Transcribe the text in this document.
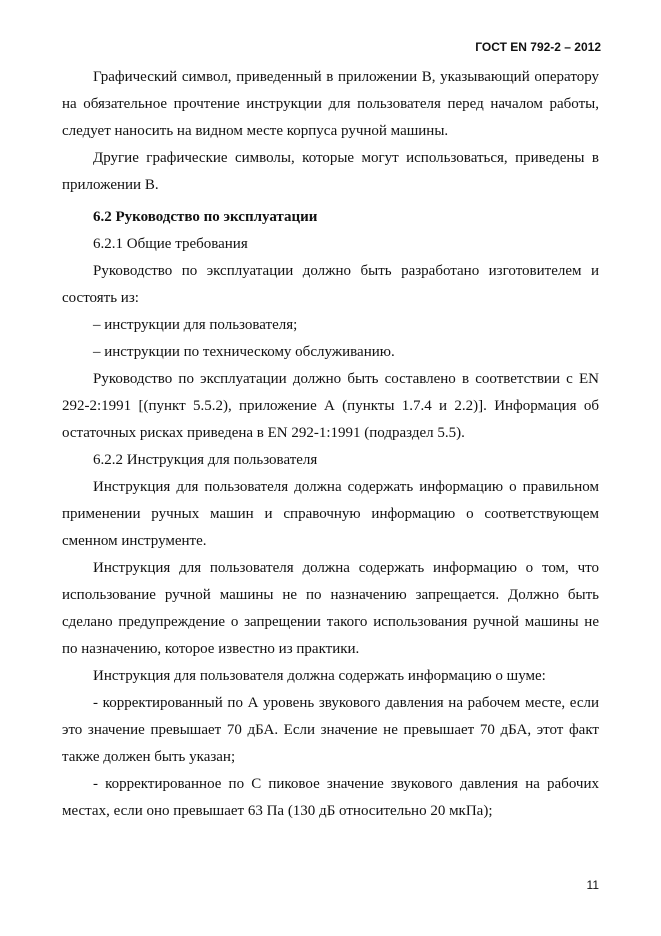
ГОСТ EN 792-2 – 2012

Графический символ, приведенный в приложении В, указывающий оператору на обязательное прочтение инструкции для пользователя перед началом работы, следует наносить на видном месте корпуса ручной машины.

Другие графические символы, которые могут использоваться, приведены в приложении В.

6.2 Руководство по эксплуатации

6.2.1 Общие требования

Руководство по эксплуатации должно быть разработано изготовителем и состоять из:

– инструкции для пользователя;

– инструкции по техническому обслуживанию.

Руководство по эксплуатации должно быть составлено в соответствии с EN 292-2:1991 [(пункт 5.5.2), приложение А (пункты 1.7.4 и 2.2)]. Информация об остаточных рисках приведена в EN 292-1:1991 (подраздел 5.5).

6.2.2 Инструкция для пользователя

Инструкция для пользователя должна содержать информацию о правильном применении ручных машин и справочную информацию о соответствующем сменном инструменте.

Инструкция для пользователя должна содержать информацию о том, что использование ручной машины не по назначению запрещается. Должно быть сделано предупреждение о запрещении такого использования ручной машины не по назначению, которое известно из практики.

Инструкция для пользователя должна содержать информацию о шуме:

- корректированный по А уровень звукового давления на рабочем месте, если это значение превышает 70 дБА. Если значение не превышает 70 дБА, этот факт также должен быть указан;

- корректированное по С пиковое значение звукового давления на рабочих местах, если оно превышает 63 Па (130 дБ относительно 20 мкПа);

11
